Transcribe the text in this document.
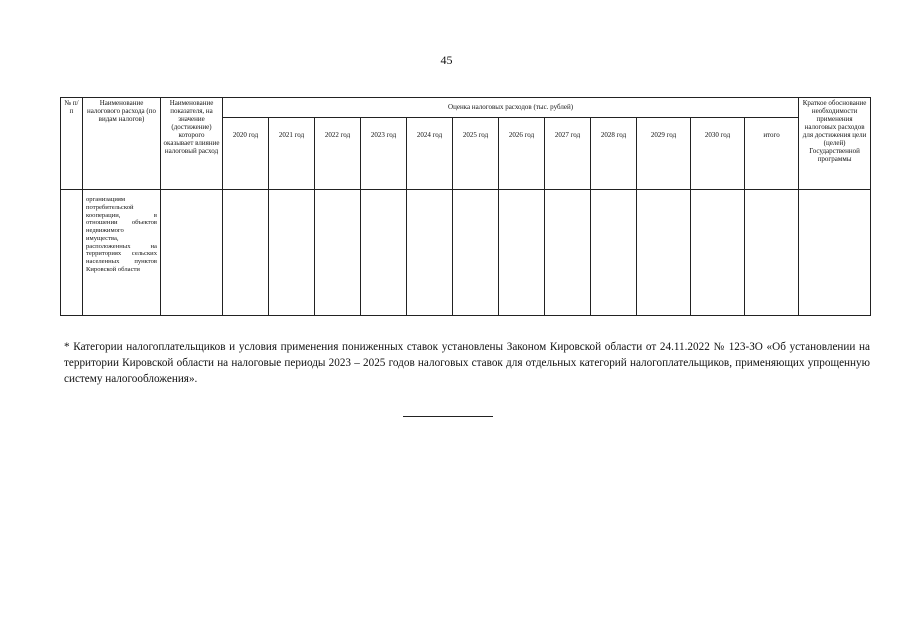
45
№ п/п	Наименование налогового расхода (по видам налогов)	Наименование показателя, на значение (достижение) которого оказывает влияние налоговый расход	Оценка налоговых расходов (тыс. рублей)												Краткое обоснование необходимости применения налоговых расходов для достижения цели (целей) Государственной программы
			2020 год	2021 год	2022 год	2023 год	2024 год	2025 год	2026 год	2027 год	2028 год	2029 год	2030 год	итого	
	организациям потребительской кооперации, в отношении объектов недвижимого имущества, расположенных на территориях сельских населенных пунктов Кировской области														
* Категории налогоплательщиков и условия применения пониженных ставок установлены Законом Кировской области от 24.11.2022 № 123-ЗО «Об установлении на территории Кировской области на налоговые периоды 2023 – 2025 годов налоговых ставок для отдельных категорий налогоплательщиков, применяющих упрощенную систему налогообложения».
